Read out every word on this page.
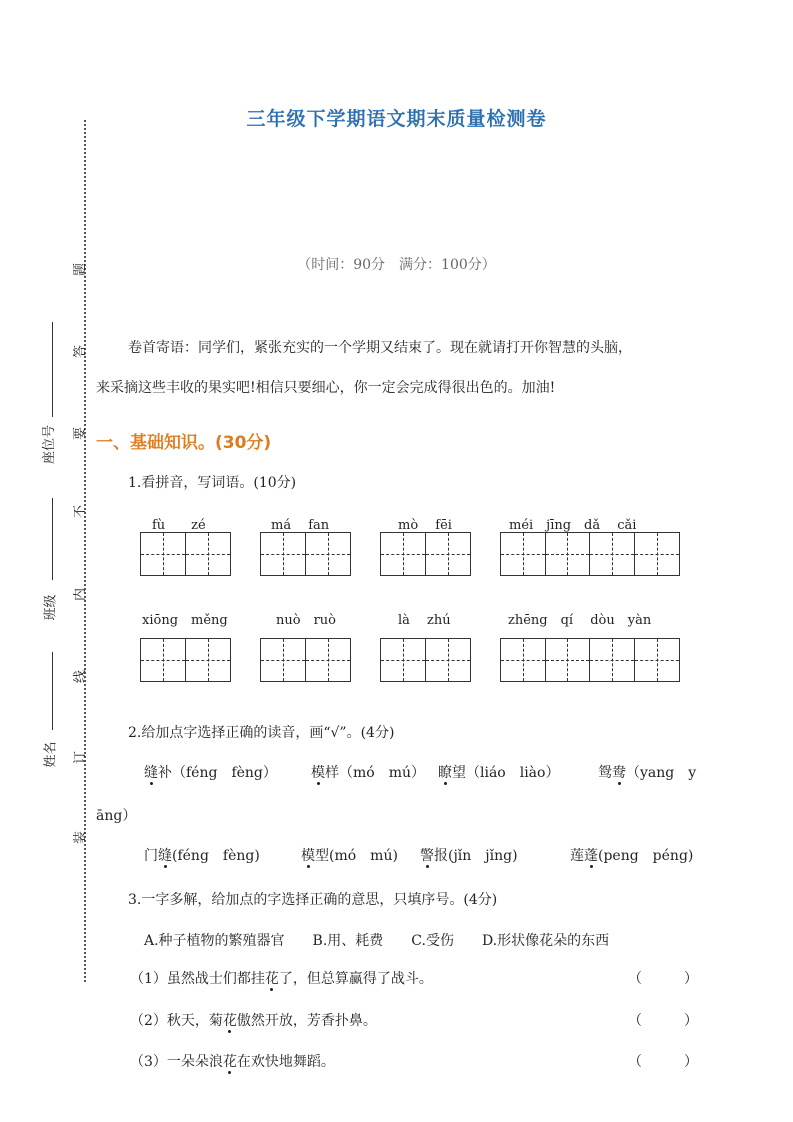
题
答
要
不
内
线
订
装
座位号
班级
姓名
三年级下学期语文期末质量检测卷
（时间：90分　满分：100分）
卷首寄语：同学们，紧张充实的一个学期又结束了。现在就请打开你智慧的头脑，
来采摘这些丰收的果实吧!相信只要细心，你一定会完成得很出色的。加油!
一、基础知识。(30分)
1.看拼音，写词语。(10分)
fù　　zé	má　 fan	mò　 fēi	méi　jīng　dǎ　 cǎi
xiōng　měng	nuò　ruò	là　 zhú	zhēng　qí　 dòu　yàn
2.给加点字选择正确的读音，画“√”。(4分)
缝补（féng　fèng） 模样（mó　mú） 瞭望（liáo　liào）	鸳鸯（yang　y
āng）
门缝(féng　fèng)	模型(mó　mú) 警报(jǐn　jǐng)	莲蓬(peng　péng)
3.一字多解，给加点的字选择正确的意思，只填序号。(4分)
A.种子植物的繁殖器官　　B.用、耗费　　C.受伤　　D.形状像花朵的东西
（1）虽然战士们都挂花了，但总算赢得了战斗。	（　　　）
（2）秋天，菊花傲然开放，芳香扑鼻。	（　　　）
（3）一朵朵浪花在欢快地舞蹈。	（　　　）
